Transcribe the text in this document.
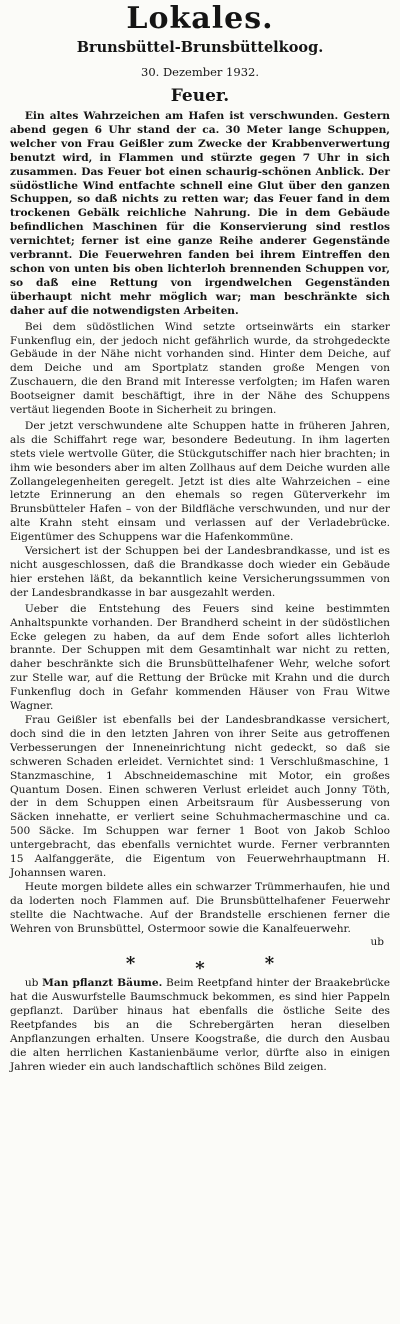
Lokales.
Brunsbüttel-Brunsbüttelkoog.
30. Dezember 1932.
Feuer.

Ein altes Wahrzeichen am Hafen ist verschwunden. Gestern abend gegen 6 Uhr stand der ca. 30 Meter lange Schuppen, welcher von Frau Geißler zum Zwecke der Krabbenverwertung benutzt wird, in Flammen und stürzte gegen 7 Uhr in sich zusammen. Das Feuer bot einen schaurig-schönen Anblick. Der südöstliche Wind entfachte schnell eine Glut über den ganzen Schuppen, so daß nichts zu retten war; das Feuer fand in dem trockenen Gebälk reichliche Nahrung. Die in dem Gebäude befindlichen Maschinen für die Konservierung sind restlos vernichtet; ferner ist eine ganze Reihe anderer Gegenstände verbrannt. Die Feuerwehren fanden bei ihrem Eintreffen den schon von unten bis oben lichterloh brennenden Schuppen vor, so daß eine Rettung von irgendwelchen Gegenständen überhaupt nicht mehr möglich war; man beschränkte sich daher auf die notwendigsten Arbeiten.

Bei dem südöstlichen Wind setzte ortseinwärts ein starker Funkenflug ein, der jedoch nicht gefährlich wurde, da strohgedeckte Gebäude in der Nähe nicht vorhanden sind. Hinter dem Deiche, auf dem Deiche und am Sportplatz standen große Mengen von Zuschauern, die den Brand mit Interesse verfolgten; im Hafen waren Bootseigner damit beschäftigt, ihre in der Nähe des Schuppens vertäut liegenden Boote in Sicherheit zu bringen.

Der jetzt verschwundene alte Schuppen hatte in früheren Jahren, als die Schiffahrt rege war, besondere Bedeutung. In ihm lagerten stets viele wertvolle Güter, die Stückgutschiffer nach hier brachten; in ihm wie besonders aber im alten Zollhaus auf dem Deiche wurden alle Zollangelegenheiten geregelt. Jetzt ist dies alte Wahrzeichen – eine letzte Erinnerung an den ehemals so regen Güterverkehr im Brunsbütteler Hafen – von der Bildfläche verschwunden, und nur der alte Krahn steht einsam und verlassen auf der Verladebrücke. Eigentümer des Schuppens war die Hafenkommüne.

Versichert ist der Schuppen bei der Landesbrandkasse, und ist es nicht ausgeschlossen, daß die Brandkasse doch wieder ein Gebäude hier erstehen läßt, da bekanntlich keine Versicherungssummen von der Landesbrandkasse in bar ausgezahlt werden.

Ueber die Entstehung des Feuers sind keine bestimmten Anhaltspunkte vorhanden. Der Brandherd scheint in der südöstlichen Ecke gelegen zu haben, da auf dem Ende sofort alles lichterloh brannte. Der Schuppen mit dem Gesamtinhalt war nicht zu retten, daher beschränkte sich die Brunsbüttelhafener Wehr, welche sofort zur Stelle war, auf die Rettung der Brücke mit Krahn und die durch Funkenflug doch in Gefahr kommenden Häuser von Frau Witwe Wagner.

Frau Geißler ist ebenfalls bei der Landesbrandkasse versichert, doch sind die in den letzten Jahren von ihrer Seite aus getroffenen Verbesserungen der Inneneinrichtung nicht gedeckt, so daß sie schweren Schaden erleidet. Vernichtet sind: 1 Verschlußmaschine, 1 Stanzmaschine, 1 Abschneidemaschine mit Motor, ein großes Quantum Dosen. Einen schweren Verlust erleidet auch Jonny Töth, der in dem Schuppen einen Arbeitsraum für Ausbesserung von Säcken innehatte, er verliert seine Schuhmachermaschine und ca. 500 Säcke. Im Schuppen war ferner 1 Boot von Jakob Schloo untergebracht, das ebenfalls vernichtet wurde. Ferner verbrannten 15 Aalfanggeräte, die Eigentum von Feuerwehrhauptmann H. Johannsen waren.

Heute morgen bildete alles ein schwarzer Trümmerhaufen, hie und da loderten noch Flammen auf. Die Brunsbüttelhafener Feuerwehr stellte die Nachtwache. Auf der Brandstelle erschienen ferner die Wehren von Brunsbüttel, Ostermoor sowie die Kanalfeuerwehr.

ub

*	*	*

ub Man pflanzt Bäume. Beim Reetpfand hinter der Braakebrücke hat die Auswurfstelle Baumschmuck bekommen, es sind hier Pappeln gepflanzt. Darüber hinaus hat ebenfalls die östliche Seite des Reetpfandes bis an die Schrebergärten heran dieselben Anpflanzungen erhalten. Unsere Koogstraße, die durch den Ausbau die alten herrlichen Kastanienbäume verlor, dürfte also in einigen Jahren wieder ein auch landschaftlich schönes Bild zeigen.
